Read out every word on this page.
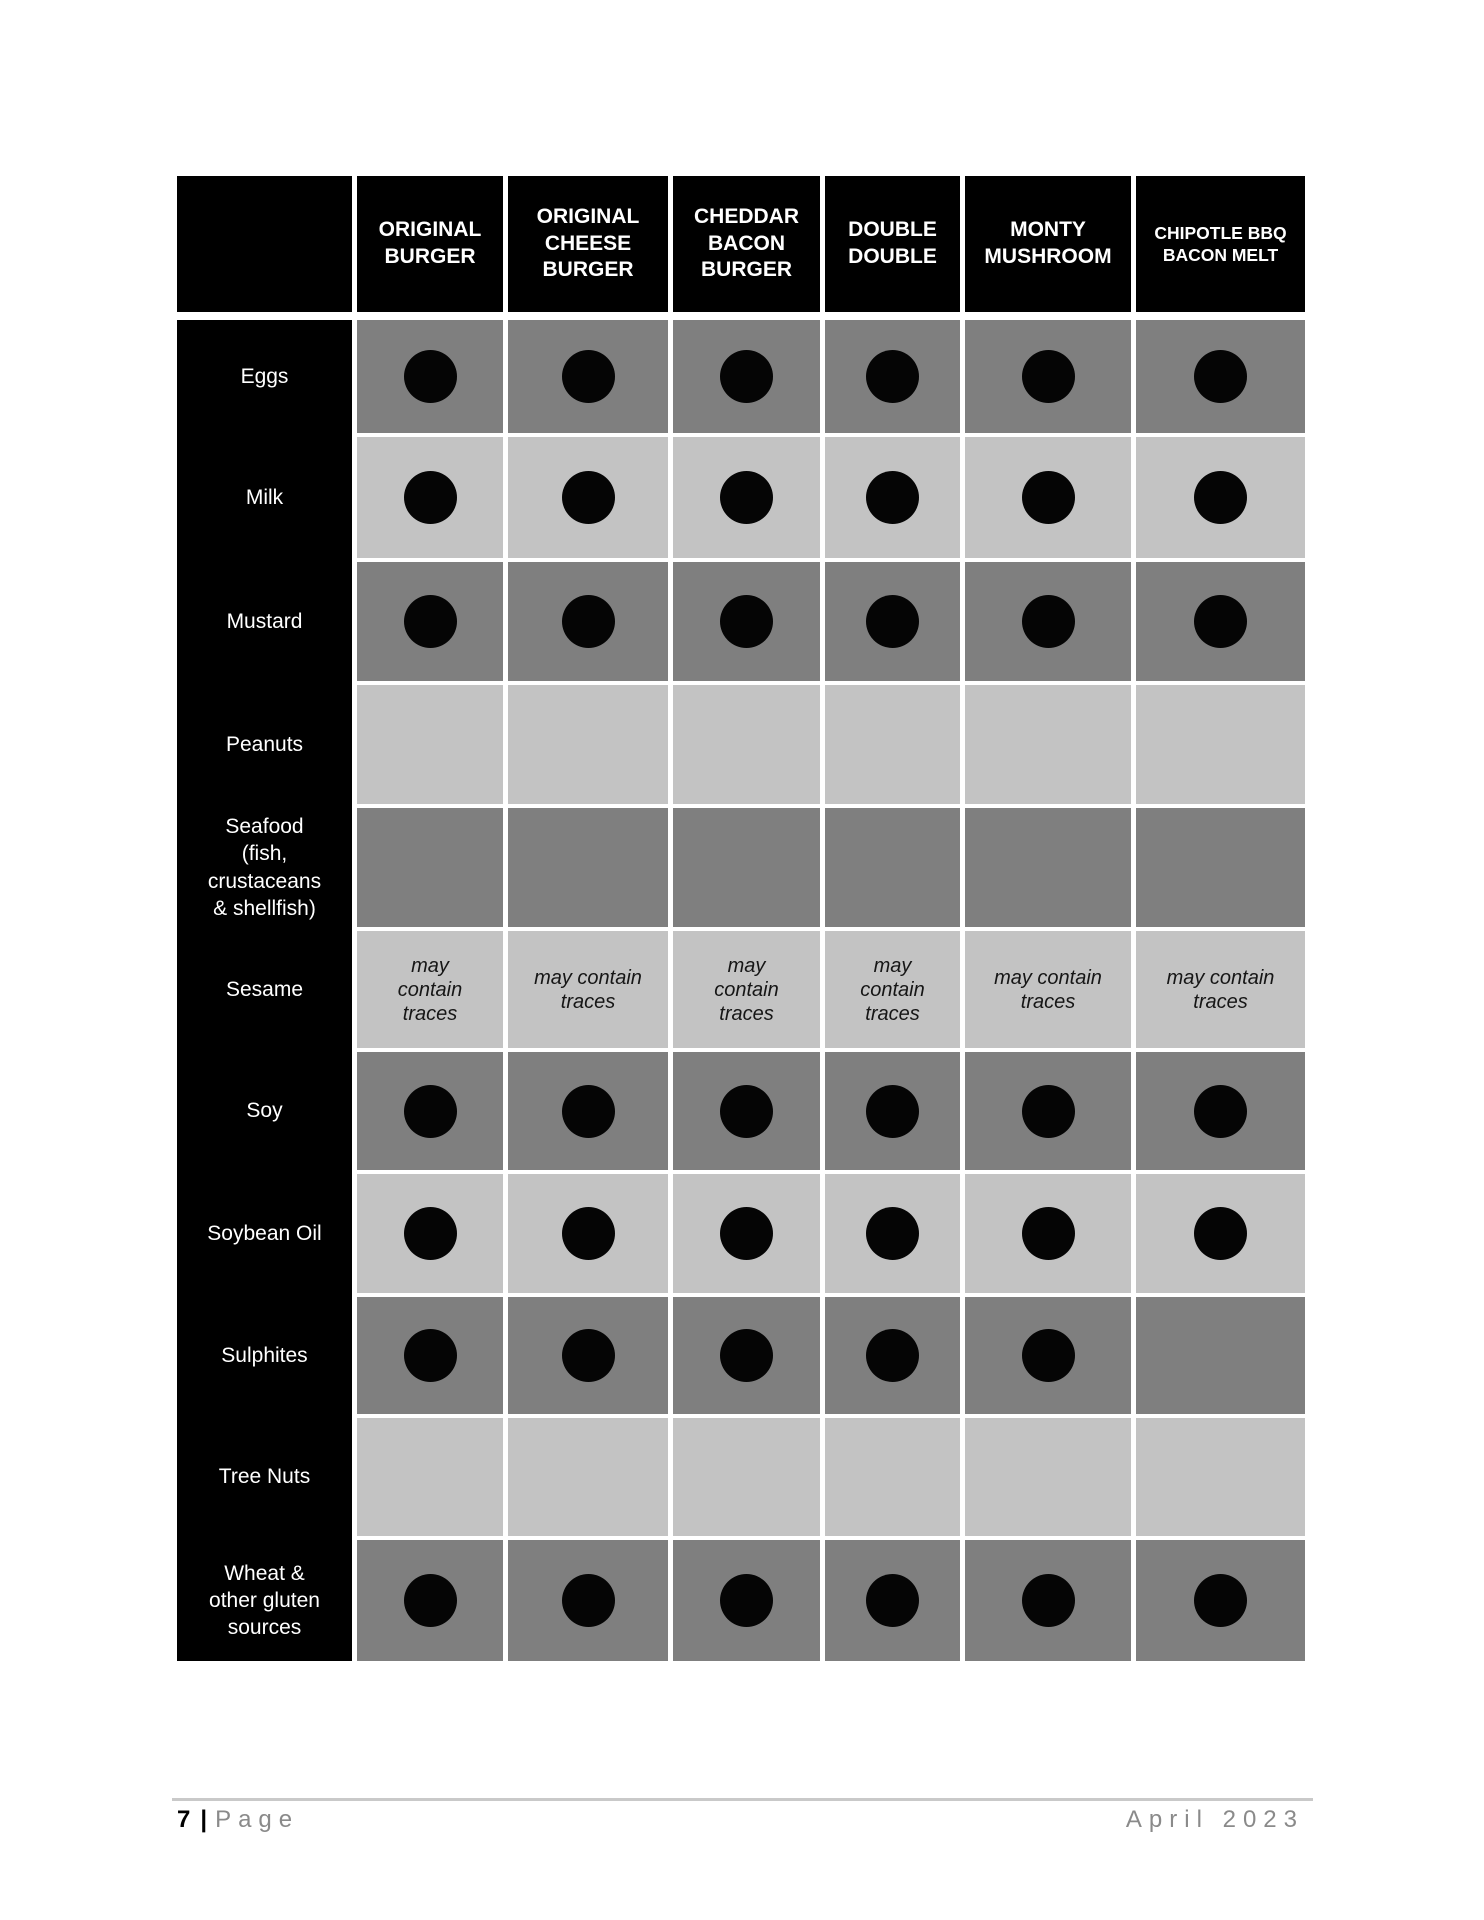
ORIGINAL BURGER
ORIGINAL CHEESE BURGER
CHEDDAR BACON BURGER
DOUBLE DOUBLE
MONTY MUSHROOM
CHIPOTLE BBQ BACON MELT
Eggs
Milk
Mustard
Peanuts
Seafood (fish, crustaceans & shellfish)
Sesame
may contain traces
may contain traces
may contain traces
may contain traces
may contain traces
may contain traces
Soy
Soybean Oil
Sulphites
Tree Nuts
Wheat & other gluten sources
7 | Page	April 2023
